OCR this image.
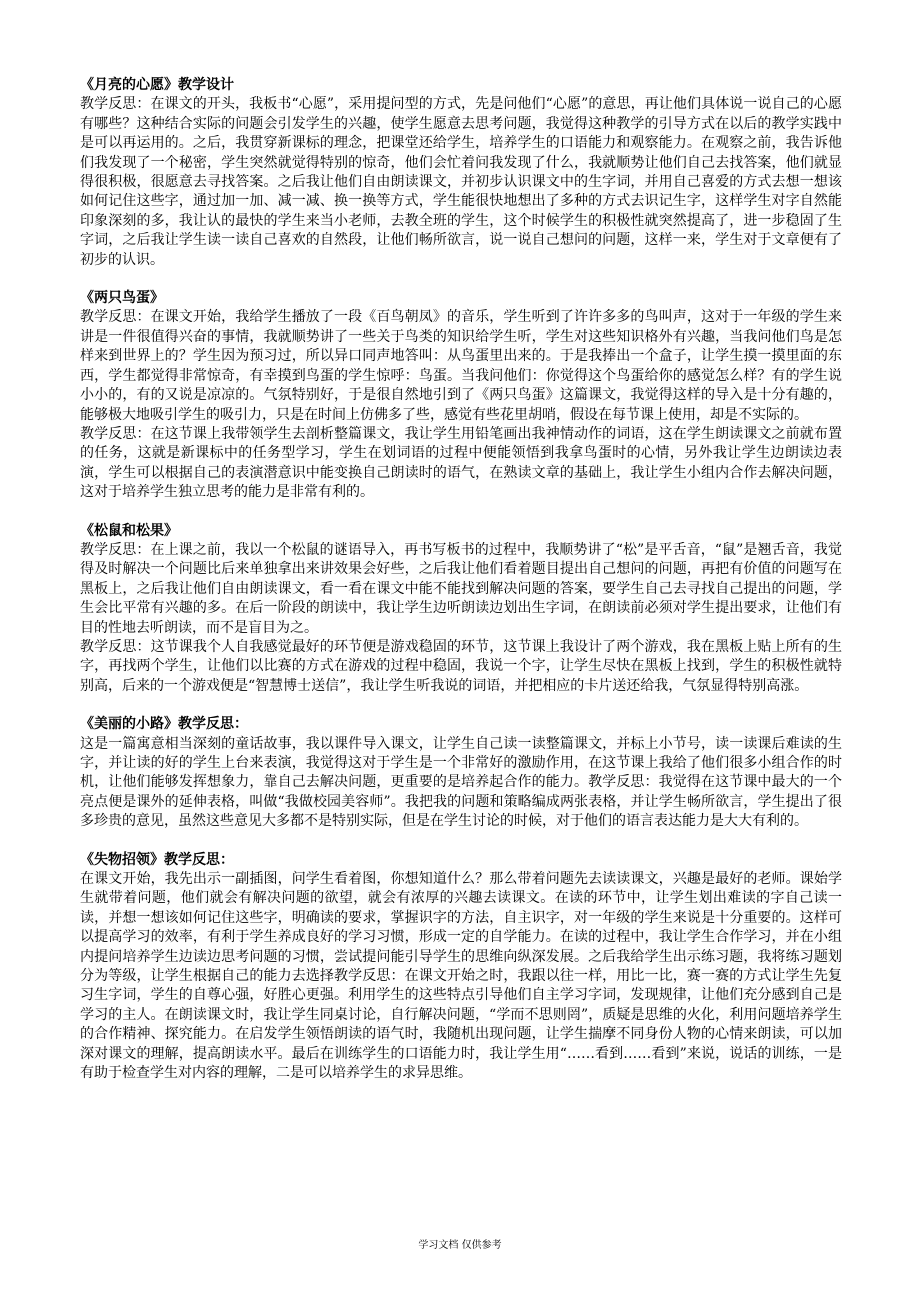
《月亮的心愿》教学设计

教学反思：在课文的开头，我板书“心愿”，采用提问型的方式，先是问他们“心愿”的意思，再让他们具体说一说自己的心愿有哪些？这种结合实际的问题会引发学生的兴趣，使学生愿意去思考问题，我觉得这种教学的引导方式在以后的教学实践中是可以再运用的。之后，我贯穿新课标的理念，把课堂还给学生，培养学生的口语能力和观察能力。在观察之前，我告诉他们我发现了一个秘密，学生突然就觉得特别的惊奇，他们会忙着问我发现了什么，我就顺势让他们自己去找答案，他们就显得很积极，很愿意去寻找答案。之后我让他们自由朗读课文，并初步认识课文中的生字词，并用自己喜爱的方式去想一想该如何记住这些字，通过加一加、减一减、换一换等方式，学生能很快地想出了多种的方式去识记生字，这样学生对字自然能印象深刻的多，我让认的最快的学生来当小老师，去教全班的学生，这个时候学生的积极性就突然提高了，进一步稳固了生字词，之后我让学生读一读自己喜欢的自然段，让他们畅所欲言，说一说自己想问的问题，这样一来，学生对于文章便有了初步的认识。

《两只鸟蛋》

教学反思：在课文开始，我给学生播放了一段《百鸟朝凤》的音乐，学生听到了许许多多的鸟叫声，这对于一年级的学生来讲是一件很值得兴奋的事情，我就顺势讲了一些关于鸟类的知识给学生听，学生对这些知识格外有兴趣，当我问他们鸟是怎样来到世界上的？学生因为预习过，所以异口同声地答叫：从鸟蛋里出来的。于是我捧出一个盒子，让学生摸一摸里面的东西，学生都觉得非常惊奇，有幸摸到鸟蛋的学生惊呼：鸟蛋。当我问他们：你觉得这个鸟蛋给你的感觉怎么样？有的学生说小小的，有的又说是凉凉的。气氛特别好，于是很自然地引到了《两只鸟蛋》这篇课文，我觉得这样的导入是十分有趣的，能够极大地吸引学生的吸引力，只是在时间上仿佛多了些，感觉有些花里胡哨，假设在每节课上使用，却是不实际的。

教学反思：在这节课上我带领学生去剖析整篇课文，我让学生用铅笔画出我神情动作的词语，这在学生朗读课文之前就布置的任务，这就是新课标中的任务型学习，学生在划词语的过程中便能领悟到我拿鸟蛋时的心情，另外我让学生边朗读边表演，学生可以根据自己的表演潜意识中能变换自己朗读时的语气，在熟读文章的基础上，我让学生小组内合作去解决问题，这对于培养学生独立思考的能力是非常有利的。

《松鼠和松果》

教学反思：在上课之前，我以一个松鼠的谜语导入，再书写板书的过程中，我顺势讲了“松”是平舌音，“鼠”是翘舌音，我觉得及时解决一个问题比后来单独拿出来讲效果会好些，之后我让他们看着题目提出自己想问的问题，再把有价值的问题写在黑板上，之后我让他们自由朗读课文，看一看在课文中能不能找到解决问题的答案，要学生自己去寻找自己提出的问题，学生会比平常有兴趣的多。在后一阶段的朗读中，我让学生边听朗读边划出生字词，在朗读前必须对学生提出要求，让他们有目的性地去听朗读，而不是盲目为之。

教学反思：这节课我个人自我感觉最好的环节便是游戏稳固的环节，这节课上我设计了两个游戏，我在黑板上贴上所有的生字，再找两个学生，让他们以比赛的方式在游戏的过程中稳固，我说一个字，让学生尽快在黑板上找到，学生的积极性就特别高，后来的一个游戏便是“智慧博士送信”，我让学生听我说的词语，并把相应的卡片送还给我，气氛显得特别高涨。

《美丽的小路》教学反思：

这是一篇寓意相当深刻的童话故事，我以课件导入课文，让学生自己读一读整篇课文，并标上小节号，读一读课后难读的生字，并让读的好的学生上台来表演，我觉得这对于学生是一个非常好的激励作用，在这节课上我给了他们很多小组合作的时机，让他们能够发挥想象力，靠自己去解决问题，更重要的是培养起合作的能力。教学反思：我觉得在这节课中最大的一个亮点便是课外的延伸表格，叫做“我做校园美容师”。我把我的问题和策略编成两张表格，并让学生畅所欲言，学生提出了很多珍贵的意见，虽然这些意见大多都不是特别实际，但是在学生讨论的时候，对于他们的语言表达能力是大大有利的。

《失物招领》教学反思：

在课文开始，我先出示一副插图，问学生看着图，你想知道什么？那么带着问题先去读读课文，兴趣是最好的老师。课始学生就带着问题，他们就会有解决问题的欲望，就会有浓厚的兴趣去读课文。在读的环节中，让学生划出难读的字自己读一读，并想一想该如何记住这些字，明确读的要求，掌握识字的方法，自主识字，对一年级的学生来说是十分重要的。这样可以提高学习的效率，有利于学生养成良好的学习习惯，形成一定的自学能力。在读的过程中，我让学生合作学习，并在小组内提问培养学生边读边思考问题的习惯，尝试提问能引导学生的思维向纵深发展。之后我给学生出示练习题，我将练习题划分为等级，让学生根据自己的能力去选择教学反思：在课文开始之时，我跟以往一样，用比一比，赛一赛的方式让学生先复习生字词，学生的自尊心强，好胜心更强。利用学生的这些特点引导他们自主学习字词，发现规律，让他们充分感到自己是学习的主人。在朗读课文时，我让学生同桌讨论，自行解决问题，“学而不思则罔”，质疑是思维的火化，利用问题培养学生的合作精神、探究能力。在启发学生领悟朗读的语气时，我随机出现问题，让学生揣摩不同身份人物的心情来朗读，可以加深对课文的理解，提高朗读水平。最后在训练学生的口语能力时，我让学生用“……看到……看到”来说，说话的训练，一是有助于检查学生对内容的理解，二是可以培养学生的求异思维。

学习文档 仅供参考
